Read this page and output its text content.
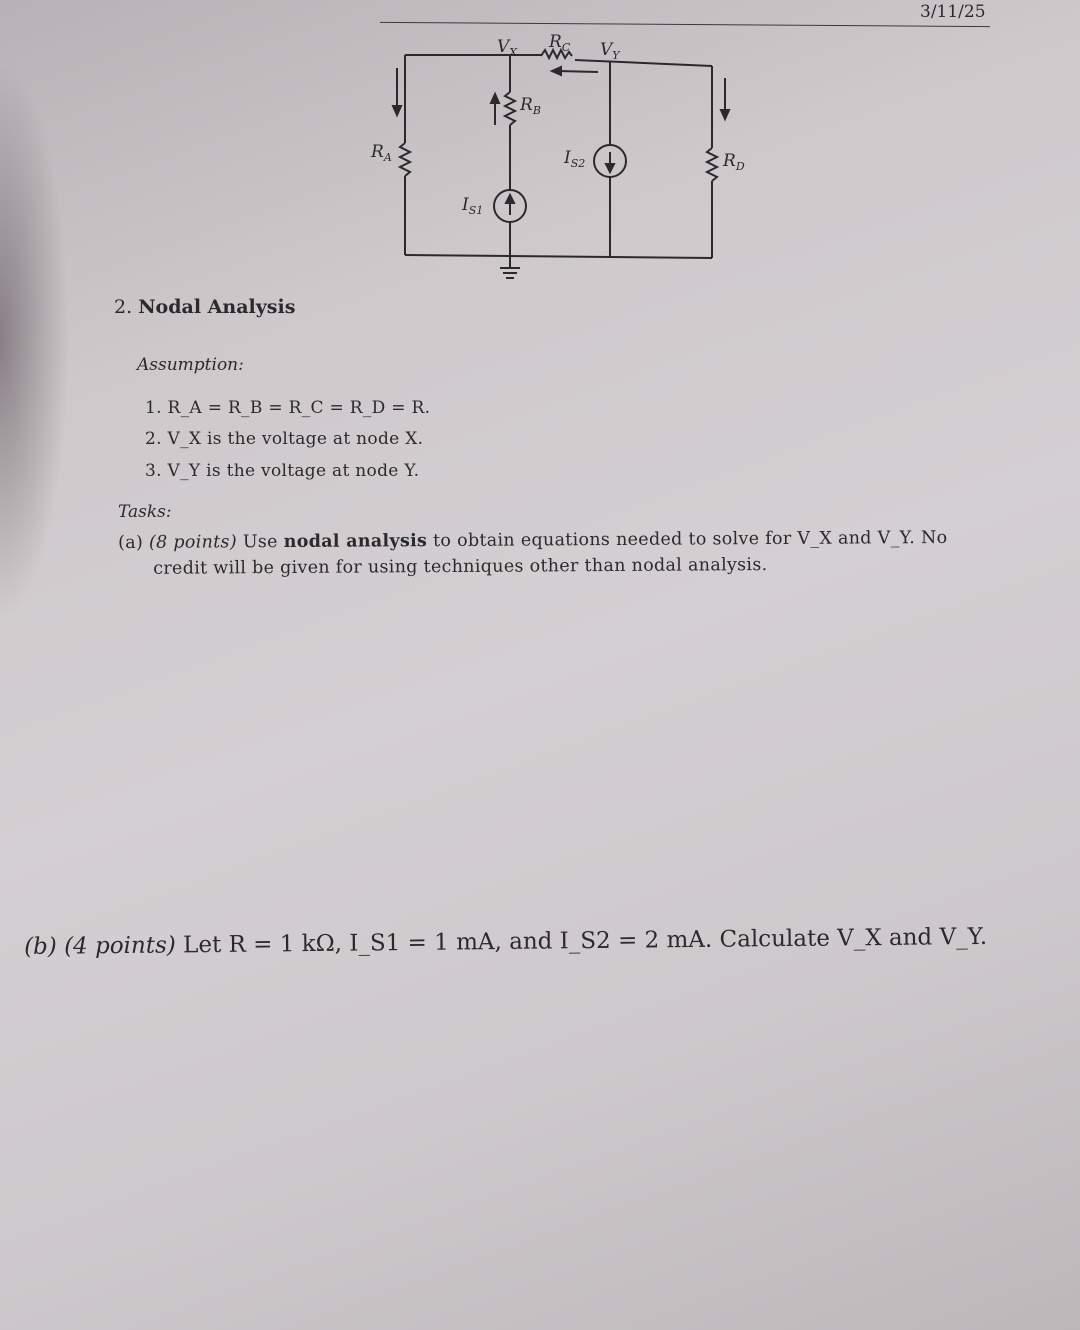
3/11/25
$V_X$
$R_C$ $V_Y$
$R_B$
$R_A$	$I_{S2}$	$R_D$
$I_{S1}$
2. Nodal Analysis
Assumption:
1. R_A = R_B = R_C = R_D = R.
2. V_X is the voltage at node X.
3. V_Y is the voltage at node Y.
Tasks:
(a) (8 points) Use nodal analysis to obtain equations needed to solve for V_X and V_Y. No
credit will be given for using techniques other than nodal analysis.
(b) (4 points) Let R = 1 kΩ, I_S1 = 1 mA, and I_S2 = 2 mA. Calculate V_X and V_Y.
